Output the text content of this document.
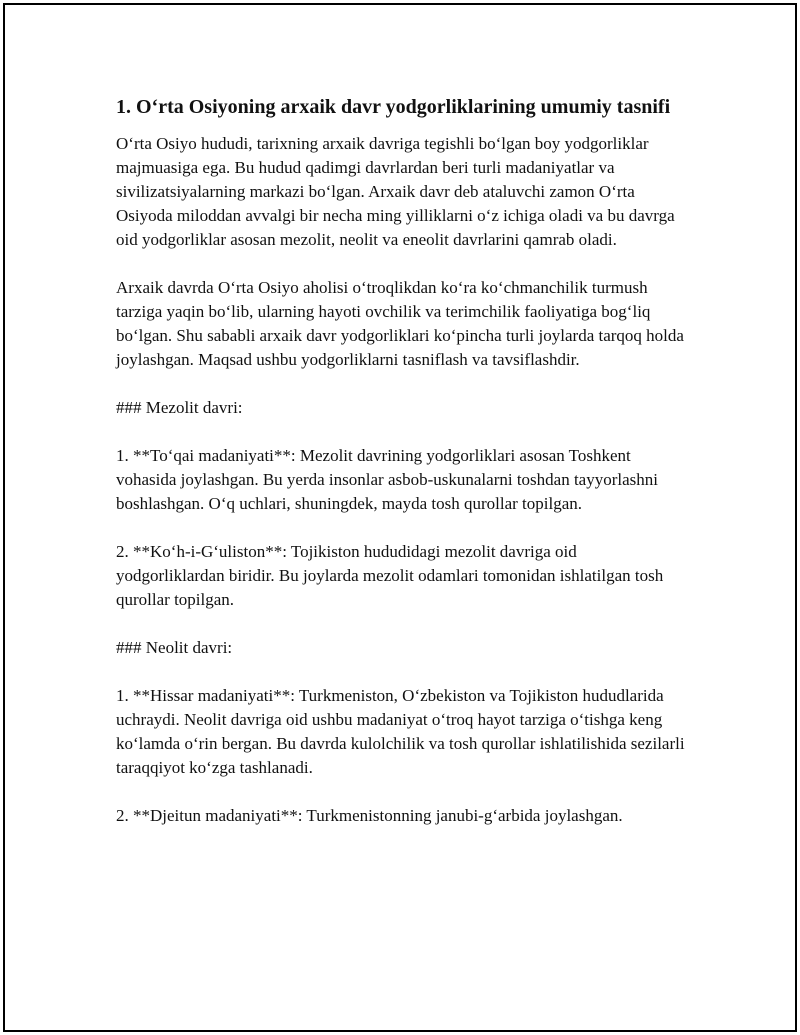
1. O‘rta Osiyoning arxaik davr yodgorliklarining umumiy tasnifi

O‘rta Osiyo hududi, tarixning arxaik davriga tegishli bo‘lgan boy yodgorliklar majmuasiga ega. Bu hudud qadimgi davrlardan beri turli madaniyatlar va sivilizatsiyalarning markazi bo‘lgan. Arxaik davr deb ataluvchi zamon O‘rta Osiyoda miloddan avvalgi bir necha ming yilliklarni o‘z ichiga oladi va bu davrga oid yodgorliklar asosan mezolit, neolit va eneolit davrlarini qamrab oladi.

Arxaik davrda O‘rta Osiyo aholisi o‘troqlikdan ko‘ra ko‘chmanchilik turmush tarziga yaqin bo‘lib, ularning hayoti ovchilik va terimchilik faoliyatiga bog‘liq bo‘lgan. Shu sababli arxaik davr yodgorliklari ko‘pincha turli joylarda tarqoq holda joylashgan. Maqsad ushbu yodgorliklarni tasniflash va tavsiflashdir.

### Mezolit davri:

1. **To‘qai madaniyati**: Mezolit davrining yodgorliklari asosan Toshkent vohasida joylashgan. Bu yerda insonlar asbob-uskunalarni toshdan tayyorlashni boshlashgan. O‘q uchlari, shuningdek, mayda tosh qurollar topilgan.

2. **Ko‘h-i-G‘uliston**: Tojikiston hududidagi mezolit davriga oid yodgorliklardan biridir. Bu joylarda mezolit odamlari tomonidan ishlatilgan tosh qurollar topilgan.

### Neolit davri:

1. **Hissar madaniyati**: Turkmeniston, O‘zbekiston va Tojikiston hududlarida uchraydi. Neolit davriga oid ushbu madaniyat o‘troq hayot tarziga o‘tishga keng ko‘lamda o‘rin bergan. Bu davrda kulolchilik va tosh qurollar ishlatilishida sezilarli taraqqiyot ko‘zga tashlanadi.

2. **Djeitun madaniyati**: Turkmenistonning janubi-g‘arbida joylashgan.
